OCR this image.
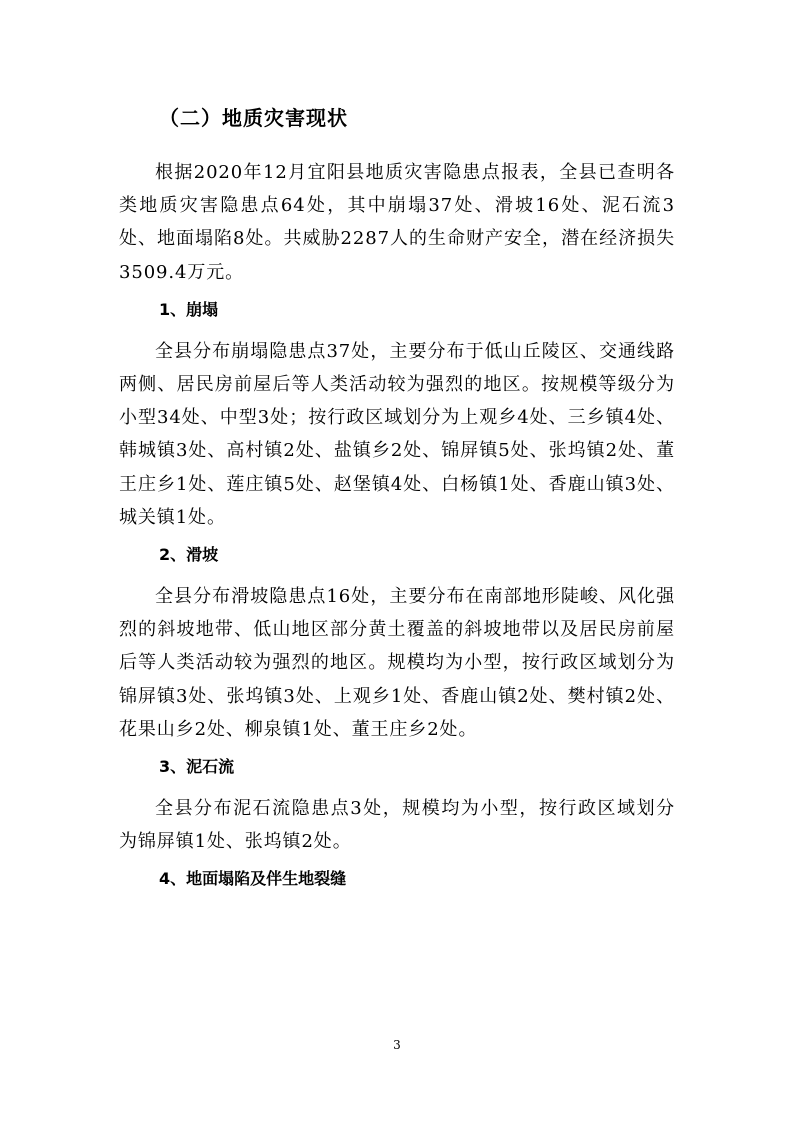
（二）地质灾害现状

根据2020年12月宜阳县地质灾害隐患点报表，全县已查明各类地质灾害隐患点64处，其中崩塌37处、滑坡16处、泥石流3处、地面塌陷8处。共威胁2287人的生命财产安全，潜在经济损失3509.4万元。

1、崩塌

全县分布崩塌隐患点37处，主要分布于低山丘陵区、交通线路两侧、居民房前屋后等人类活动较为强烈的地区。按规模等级分为小型34处、中型3处；按行政区域划分为上观乡4处、三乡镇4处、韩城镇3处、高村镇2处、盐镇乡2处、锦屏镇5处、张坞镇2处、董王庄乡1处、莲庄镇5处、赵堡镇4处、白杨镇1处、香鹿山镇3处、城关镇1处。

2、滑坡

全县分布滑坡隐患点16处，主要分布在南部地形陡峻、风化强烈的斜坡地带、低山地区部分黄土覆盖的斜坡地带以及居民房前屋后等人类活动较为强烈的地区。规模均为小型，按行政区域划分为锦屏镇3处、张坞镇3处、上观乡1处、香鹿山镇2处、樊村镇2处、花果山乡2处、柳泉镇1处、董王庄乡2处。

3、泥石流

全县分布泥石流隐患点3处，规模均为小型，按行政区域划分为锦屏镇1处、张坞镇2处。

4、地面塌陷及伴生地裂缝
3
